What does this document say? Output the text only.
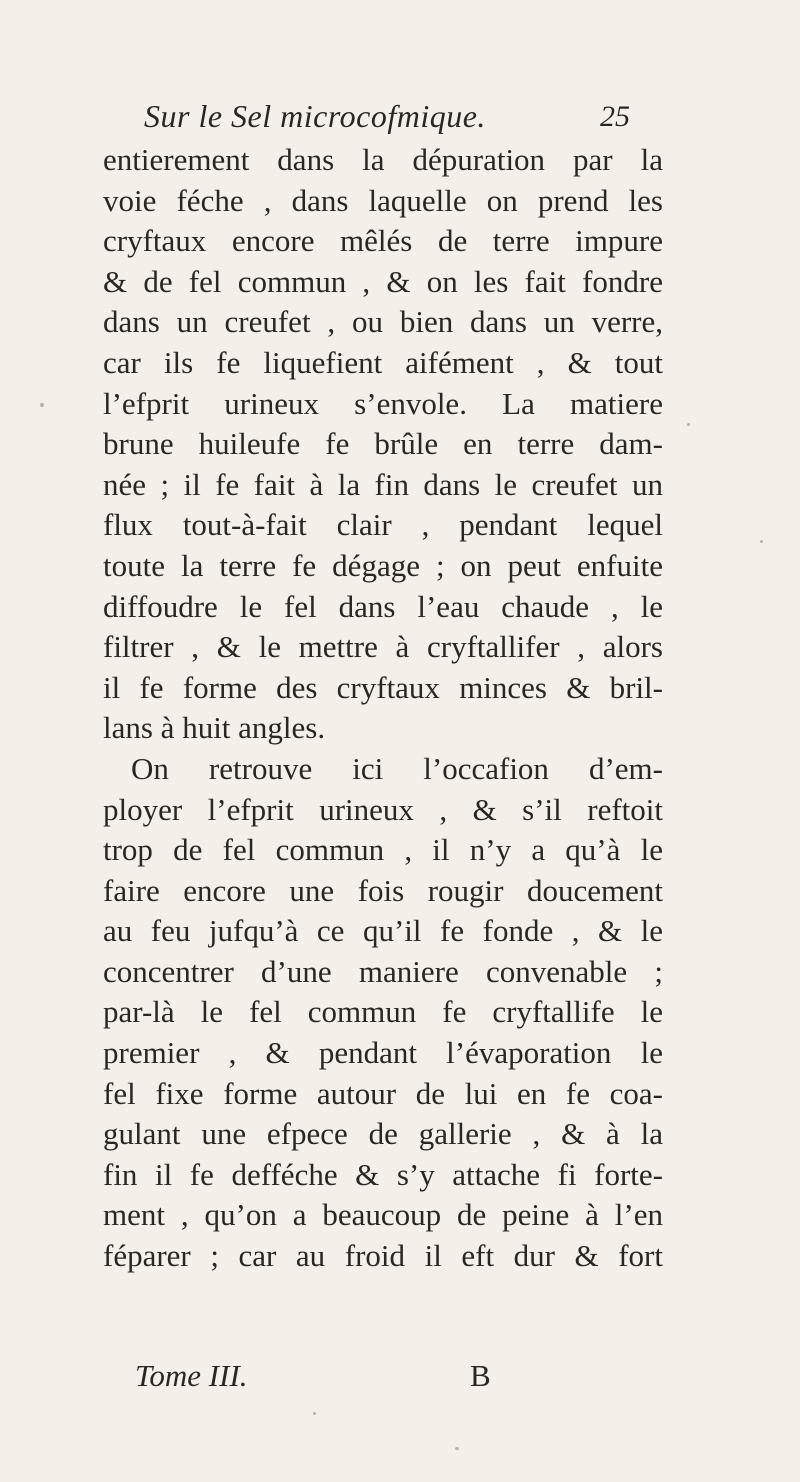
Sur le Sel microcofmique.	25
entierement dans la dépuration par la
voie féche , dans laquelle on prend les
cryftaux encore mêlés de terre impure
& de fel commun , & on les fait fondre
dans un creufet , ou bien dans un verre,
car ils fe liquefient aifément , & tout
l’efprit urineux s’envole. La matiere
brune huileufe fe brûle en terre dam-
née ; il fe fait à la fin dans le creufet un
flux tout-à-fait clair , pendant lequel
toute la terre fe dégage ; on peut enfuite
diffoudre le fel dans l’eau chaude , le
filtrer , & le mettre à cryftallifer , alors
il fe forme des cryftaux minces & bril-
lans à huit angles.
On retrouve ici l’occafion d’em-
ployer l’efprit urineux , & s’il reftoit
trop de fel commun , il n’y a qu’à le
faire encore une fois rougir doucement
au feu jufqu’à ce qu’il fe fonde , & le
concentrer d’une maniere convenable ;
par-là le fel commun fe cryftallife le
premier , & pendant l’évaporation le
fel fixe forme autour de lui en fe coa-
gulant une efpece de gallerie , & à la
fin il fe defféche & s’y attache fi forte-
ment , qu’on a beaucoup de peine à l’en
féparer ; car au froid il eft dur & fort
Tome III.	B
